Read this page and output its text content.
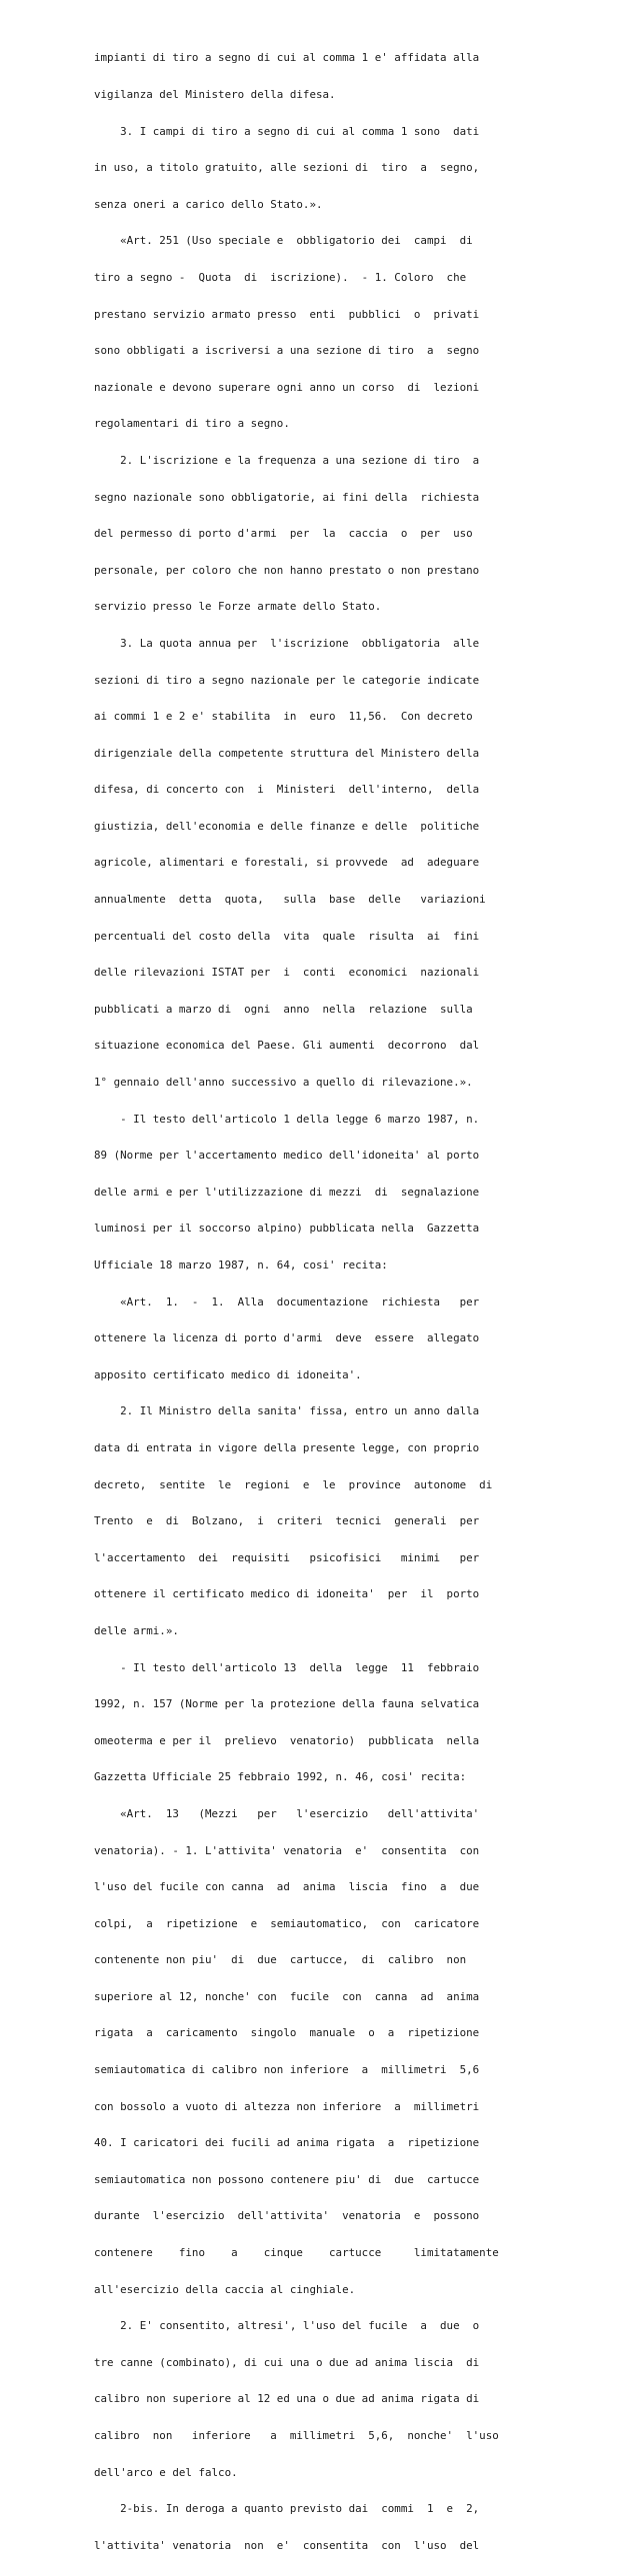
impianti di tiro a segno di cui al comma 1 e' affidata alla

vigilanza del Ministero della difesa.

3. I campi di tiro a segno di cui al comma 1 sono  dati

in uso, a titolo gratuito, alle sezioni di  tiro  a  segno,

senza oneri a carico dello Stato.».

«Art. 251 (Uso speciale e  obbligatorio dei  campi  di

tiro a segno -  Quota  di  iscrizione).  - 1. Coloro  che

prestano servizio armato presso  enti  pubblici  o  privati

sono obbligati a iscriversi a una sezione di tiro  a  segno

nazionale e devono superare ogni anno un corso  di  lezioni

regolamentari di tiro a segno.

2. L'iscrizione e la frequenza a una sezione di tiro  a

segno nazionale sono obbligatorie, ai fini della  richiesta

del permesso di porto d'armi  per  la  caccia  o  per  uso

personale, per coloro che non hanno prestato o non prestano

servizio presso le Forze armate dello Stato.

3. La quota annua per  l'iscrizione  obbligatoria  alle

sezioni di tiro a segno nazionale per le categorie indicate

ai commi 1 e 2 e' stabilita  in  euro  11,56.  Con decreto

dirigenziale della competente struttura del Ministero della

difesa, di concerto con  i  Ministeri  dell'interno,  della

giustizia, dell'economia e delle finanze e delle  politiche

agricole, alimentari e forestali, si provvede  ad  adeguare

annualmente  detta  quota,   sulla  base  delle   variazioni

percentuali del costo della  vita  quale  risulta  ai  fini

delle rilevazioni ISTAT per  i  conti  economici  nazionali

pubblicati a marzo di  ogni  anno  nella  relazione  sulla

situazione economica del Paese. Gli aumenti  decorrono  dal

1° gennaio dell'anno successivo a quello di rilevazione.».

- Il testo dell'articolo 1 della legge 6 marzo 1987, n.

89 (Norme per l'accertamento medico dell'idoneita' al porto

delle armi e per l'utilizzazione di mezzi  di  segnalazione

luminosi per il soccorso alpino) pubblicata nella  Gazzetta

Ufficiale 18 marzo 1987, n. 64, cosi' recita:

«Art.  1.  -  1.  Alla  documentazione  richiesta   per

ottenere la licenza di porto d'armi  deve  essere  allegato

apposito certificato medico di idoneita'.

2. Il Ministro della sanita' fissa, entro un anno dalla

data di entrata in vigore della presente legge, con proprio

decreto,  sentite  le  regioni  e  le  province  autonome  di

Trento  e  di  Bolzano,  i  criteri  tecnici  generali  per

l'accertamento  dei  requisiti   psicofisici   minimi   per

ottenere il certificato medico di idoneita'  per  il  porto

delle armi.».

- Il testo dell'articolo 13  della  legge  11  febbraio

1992, n. 157 (Norme per la protezione della fauna selvatica

omeoterma e per il  prelievo  venatorio)  pubblicata  nella

Gazzetta Ufficiale 25 febbraio 1992, n. 46, cosi' recita:

«Art.  13   (Mezzi   per   l'esercizio   dell'attivita'

venatoria). - 1. L'attivita' venatoria  e'  consentita  con

l'uso del fucile con canna  ad  anima  liscia  fino  a  due

colpi,  a  ripetizione  e  semiautomatico,  con  caricatore

contenente non piu'  di  due  cartucce,  di  calibro  non

superiore al 12, nonche' con  fucile  con  canna  ad  anima

rigata  a  caricamento  singolo  manuale  o  a  ripetizione

semiautomatica di calibro non inferiore  a  millimetri  5,6

con bossolo a vuoto di altezza non inferiore  a  millimetri

40. I caricatori dei fucili ad anima rigata  a  ripetizione

semiautomatica non possono contenere piu' di  due  cartucce

durante  l'esercizio  dell'attivita'  venatoria  e  possono

contenere    fino    a    cinque    cartucce     limitatamente

all'esercizio della caccia al cinghiale.

2. E' consentito, altresi', l'uso del fucile  a  due  o

tre canne (combinato), di cui una o due ad anima liscia  di

calibro non superiore al 12 ed una o due ad anima rigata di

calibro  non   inferiore   a  millimetri  5,6,  nonche'  l'uso

dell'arco e del falco.

2-bis. In deroga a quanto previsto dai  commi  1  e  2,

l'attivita' venatoria  non  e'  consentita  con  l'uso  del
